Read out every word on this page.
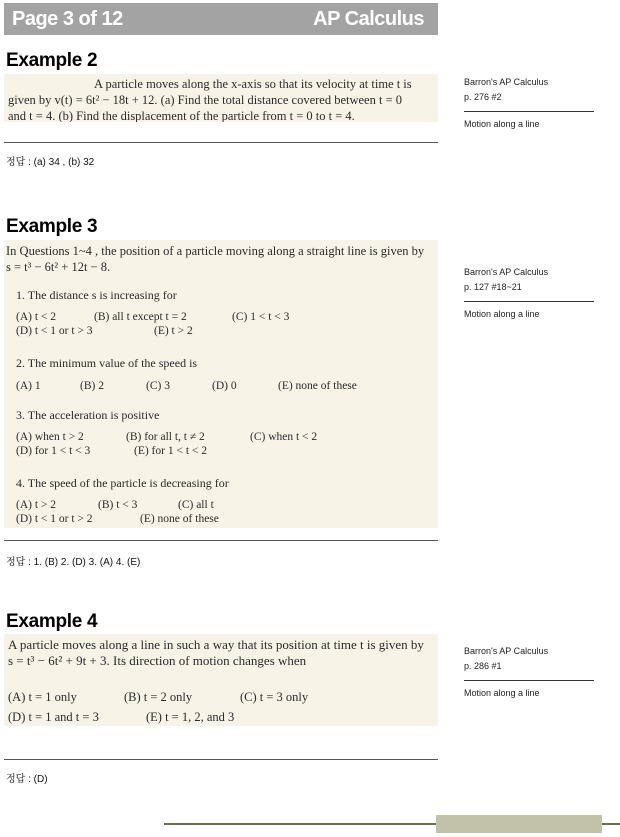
Page 3 of 12	AP Calculus
Example 2

A particle moves along the x-axis so that its velocity at time t is

given by v(t) = 6t² − 18t + 12. (a) Find the total distance covered between t = 0

and t = 4. (b) Find the displacement of the particle from t = 0 to t = 4.

정답 : (a) 34 , (b) 32
Barron's AP Calculus
p. 276 #2
Motion along a line
Example 3

In Questions 1~4 , the position of a particle moving along a straight line is given by

s = t³ − 6t² + 12t − 8.

1. The distance s is increasing for
(A) t < 2	(B) all t except t = 2	(C) 1 < t < 3
(D) t < 1 or t > 3	(E) t > 2
2. The minimum value of the speed is
(A) 1	(B) 2	(C) 3	(D) 0	(E) none of these
3. The acceleration is positive
(A) when t > 2	(B) for all t, t ≠ 2	(C) when t < 2
(D) for 1 < t < 3	(E) for 1 < t < 2
4. The speed of the particle is decreasing for
(A) t > 2	(B) t < 3	(C) all t
(D) t < 1 or t > 2	(E) none of these
정답 : 1. (B) 2. (D) 3. (A) 4. (E)
Barron's AP Calculus
p. 127 #18~21
Motion along a line
Example 4

A particle moves along a line in such a way that its position at time t is given by

s = t³ − 6t² + 9t + 3. Its direction of motion changes when

(A) t = 1 only	(B) t = 2 only	(C) t = 3 only
(D) t = 1 and t = 3	(E) t = 1, 2, and 3
정답 : (D)
Barron's AP Calculus
p. 286 #1
Motion along a line
